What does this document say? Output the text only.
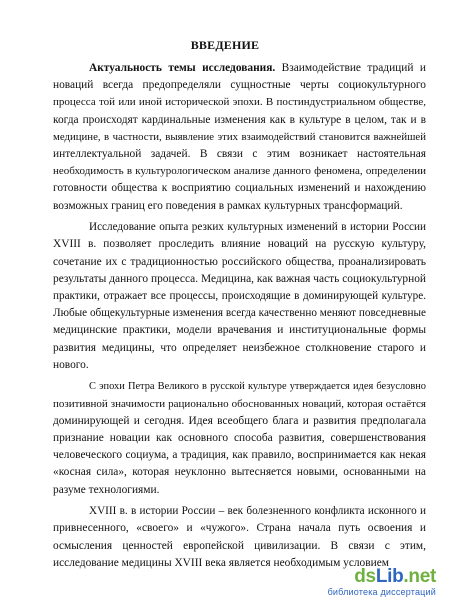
ВВЕДЕНИЕ
Актуальность темы исследования. Взаимодействие традиций и
новаций всегда предопределяли сущностные черты социокультурного
процесса той или иной исторической эпохи. В постиндустриальном обществе,
когда происходят кардинальные изменения как в культуре в целом, так и в
медицине, в частности, выявление этих взаимодействий становится важнейшей
интеллектуальной задачей. В связи с этим возникает настоятельная
необходимость в культурологическом анализе данного феномена, определении
готовности общества к восприятию социальных изменений и нахождению
возможных границ его поведения в рамках культурных трансформаций.
Исследование опыта резких культурных изменений в истории России
XVIII в. позволяет проследить влияние новаций на русскую культуру,
сочетание их с традиционностью российского общества, проанализировать
результаты данного процесса. Медицина, как важная часть социокультурной
практики, отражает все процессы, происходящие в доминирующей культуре.
Любые общекультурные изменения всегда качественно меняют повседневные
медицинские практики, модели врачевания и институциональные формы
развития медицины, что определяет неизбежное столкновение старого и
нового.
С эпохи Петра Великого в русской культуре утверждается идея безусловно
позитивной значимости рационально обоснованных новаций, которая остаётся
доминирующей и сегодня. Идея всеобщего блага и развития предполагала
признание новации как основного способа развития, совершенствования
человеческого социума, а традиция, как правило, воспринимается как некая
«косная сила», которая неуклонно вытесняется новыми, основанными на
разуме технологиями.
XVIII в. в истории России – век болезненного конфликта исконного и
привнесенного, «своего» и «чужого». Страна начала путь освоения и
осмысления ценностей европейской цивилизации. В связи с этим,
исследование медицины XVIII века является необходимым условием
dsLib.net
библиотека диссертаций
